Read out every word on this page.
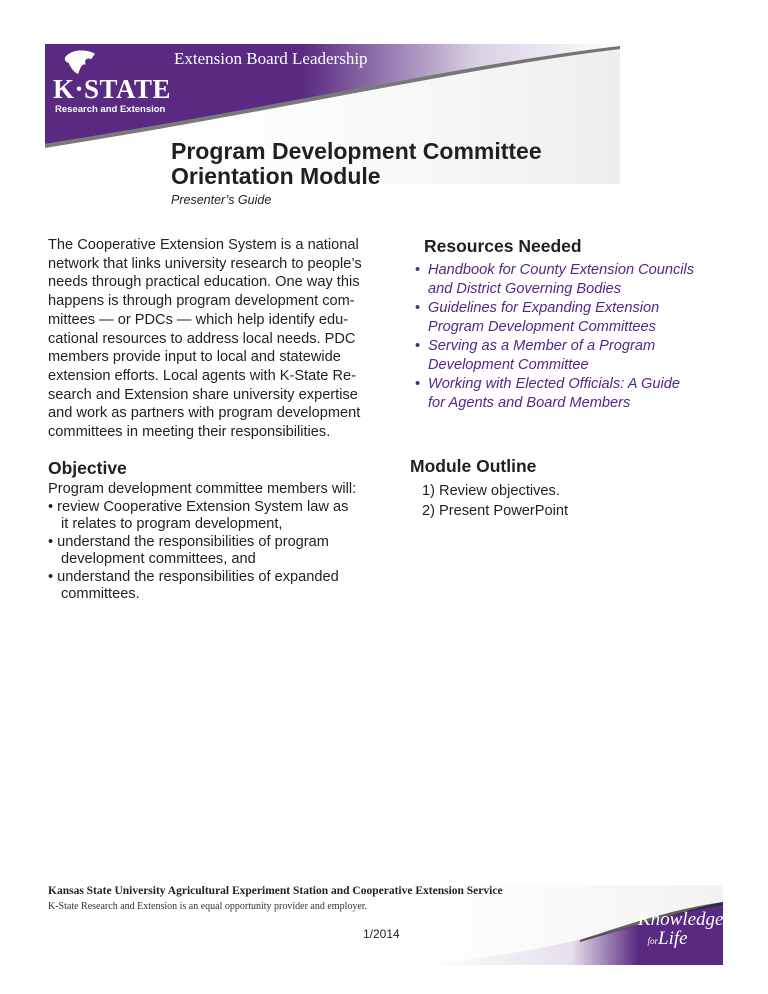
K·STATE
Research and Extension
Extension Board Leadership
Program Development Committee
Orientation Module
Presenter’s Guide
The Cooperative Extension System is a national
network that links university research to people’s
needs through practical education. One way this
happens is through program development com-
mittees — or PDCs — which help identify edu-
cational resources to address local needs. PDC
members provide input to local and statewide
extension efforts. Local agents with K-State Re-
search and Extension share university expertise
and work as partners with program development
committees in meeting their responsibilities.
Resources Needed
• Handbook for County Extension Councils
and District Governing Bodies
• Guidelines for Expanding Extension
Program Development Committees
• Serving as a Member of a Program
Development Committee
• Working with Elected Officials: A Guide
for Agents and Board Members
Objective
Program development committee members will:
• review Cooperative Extension System law as
it relates to program development,
• understand the responsibilities of program
development committees, and
• understand the responsibilities of expanded
committees.
Module Outline
1) Review objectives.
2) Present PowerPoint
Knowledge
forLife
Kansas State University Agricultural Experiment Station and Cooperative Extension Service
K-State Research and Extension is an equal opportunity provider and employer.
1/2014
